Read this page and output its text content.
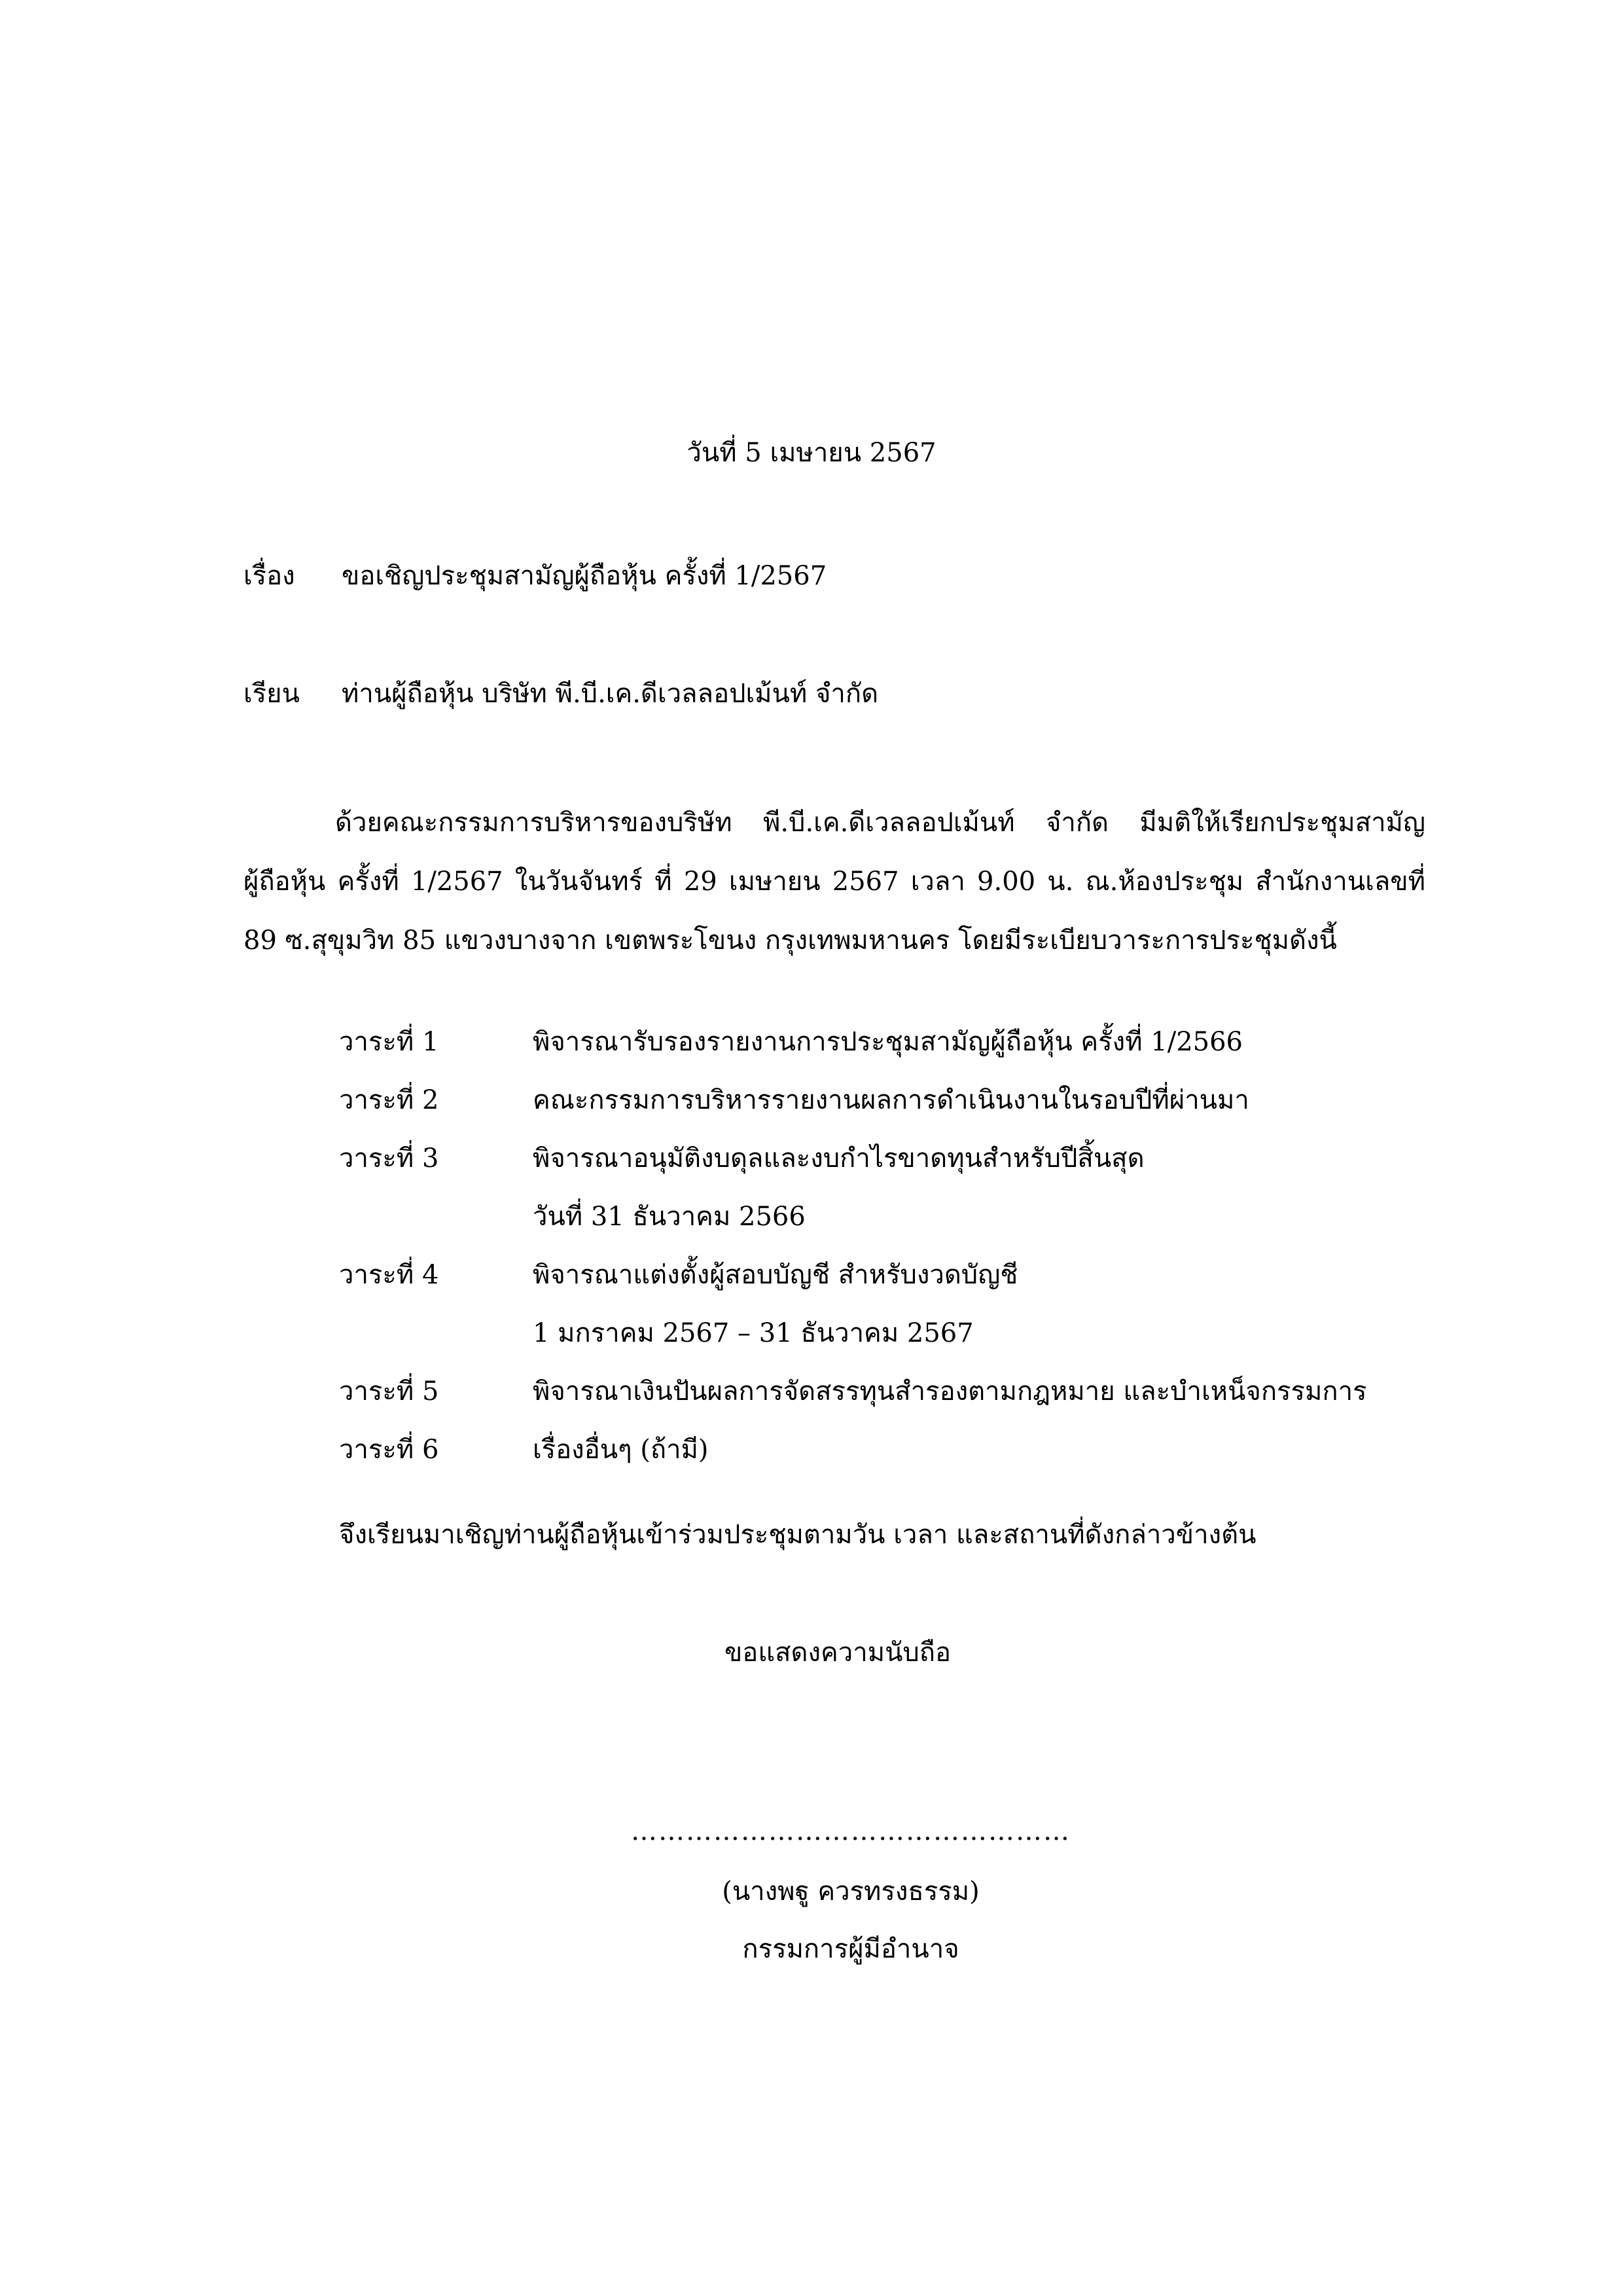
วันที่ 5 เมษายน 2567
เรื่อง ขอเชิญประชุมสามัญผู้ถือหุ้น ครั้งที่ 1/2567
เรียน ท่านผู้ถือหุ้น บริษัท พี.บี.เค.ดีเวลลอปเม้นท์ จำกัด
ด้วยคณะกรรมการบริหารของบริษัท พี.บี.เค.ดีเวลลอปเม้นท์ จำกัด มีมติให้เรียกประชุมสามัญ
ผู้ถือหุ้น ครั้งที่ 1/2567 ในวันจันทร์ ที่ 29 เมษายน 2567 เวลา 9.00 น. ณ.ห้องประชุม สำนักงานเลขที่
89 ซ.สุขุมวิท 85 แขวงบางจาก เขตพระโขนง กรุงเทพมหานคร โดยมีระเบียบวาระการประชุมดังนี้
วาระที่ 1	พิจารณารับรองรายงานการประชุมสามัญผู้ถือหุ้น ครั้งที่ 1/2566
วาระที่ 2	คณะกรรมการบริหารรายงานผลการดำเนินงานในรอบปีที่ผ่านมา
วาระที่ 3	พิจารณาอนุมัติงบดุลและงบกำไรขาดทุนสำหรับปีสิ้นสุด
วันที่ 31 ธันวาคม 2566
วาระที่ 4	พิจารณาแต่งตั้งผู้สอบบัญชี สำหรับงวดบัญชี
1 มกราคม 2567 – 31 ธันวาคม 2567
วาระที่ 5	พิจารณาเงินปันผลการจัดสรรทุนสำรองตามกฎหมาย และบำเหน็จกรรมการ
วาระที่ 6	เรื่องอื่นๆ (ถ้ามี)
จึงเรียนมาเชิญท่านผู้ถือหุ้นเข้าร่วมประชุมตามวัน เวลา และสถานที่ดังกล่าวข้างต้น
ขอแสดงความนับถือ
…………………………………………
(นางพฐู ควรทรงธรรม)
กรรมการผู้มีอำนาจ
